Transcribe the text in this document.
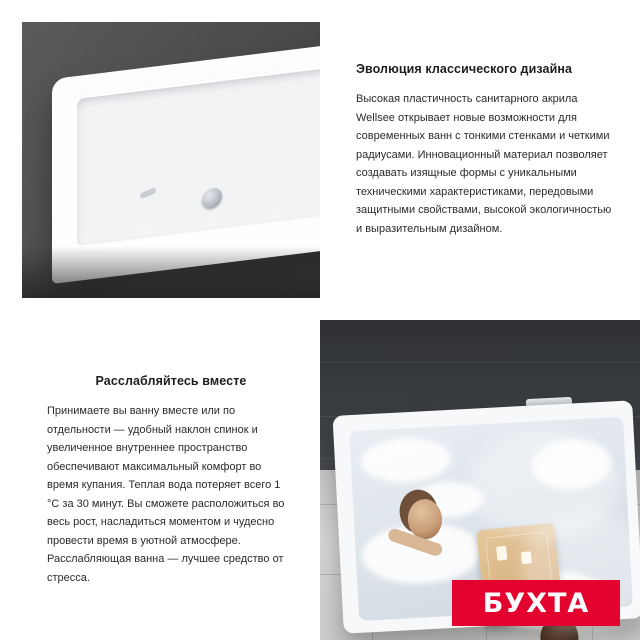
Эволюция классического дизайна

Высокая пластичность санитарного акрила Wellsee открывает новые возможности для современных ванн с тонкими стенками и четкими радиусами. Инновационный материал позволяет создавать изящные формы с уникальными техническими характеристиками, передовыми защитными свойствами, высокой экологичностью и выразительным дизайном.

Расслабляйтесь вместе

Принимаете вы ванну вместе или по отдельности — удобный наклон спинок и увеличенное внутреннее пространство обеспечивают максимальный комфорт во время купания. Теплая вода потеряет всего 1 °C за 30 минут. Вы сможете расположиться во весь рост, насладиться моментом и чудесно провести время в уютной атмосфере. Расслабляющая ванна — лучшее средство от стресса.

БУХТА
